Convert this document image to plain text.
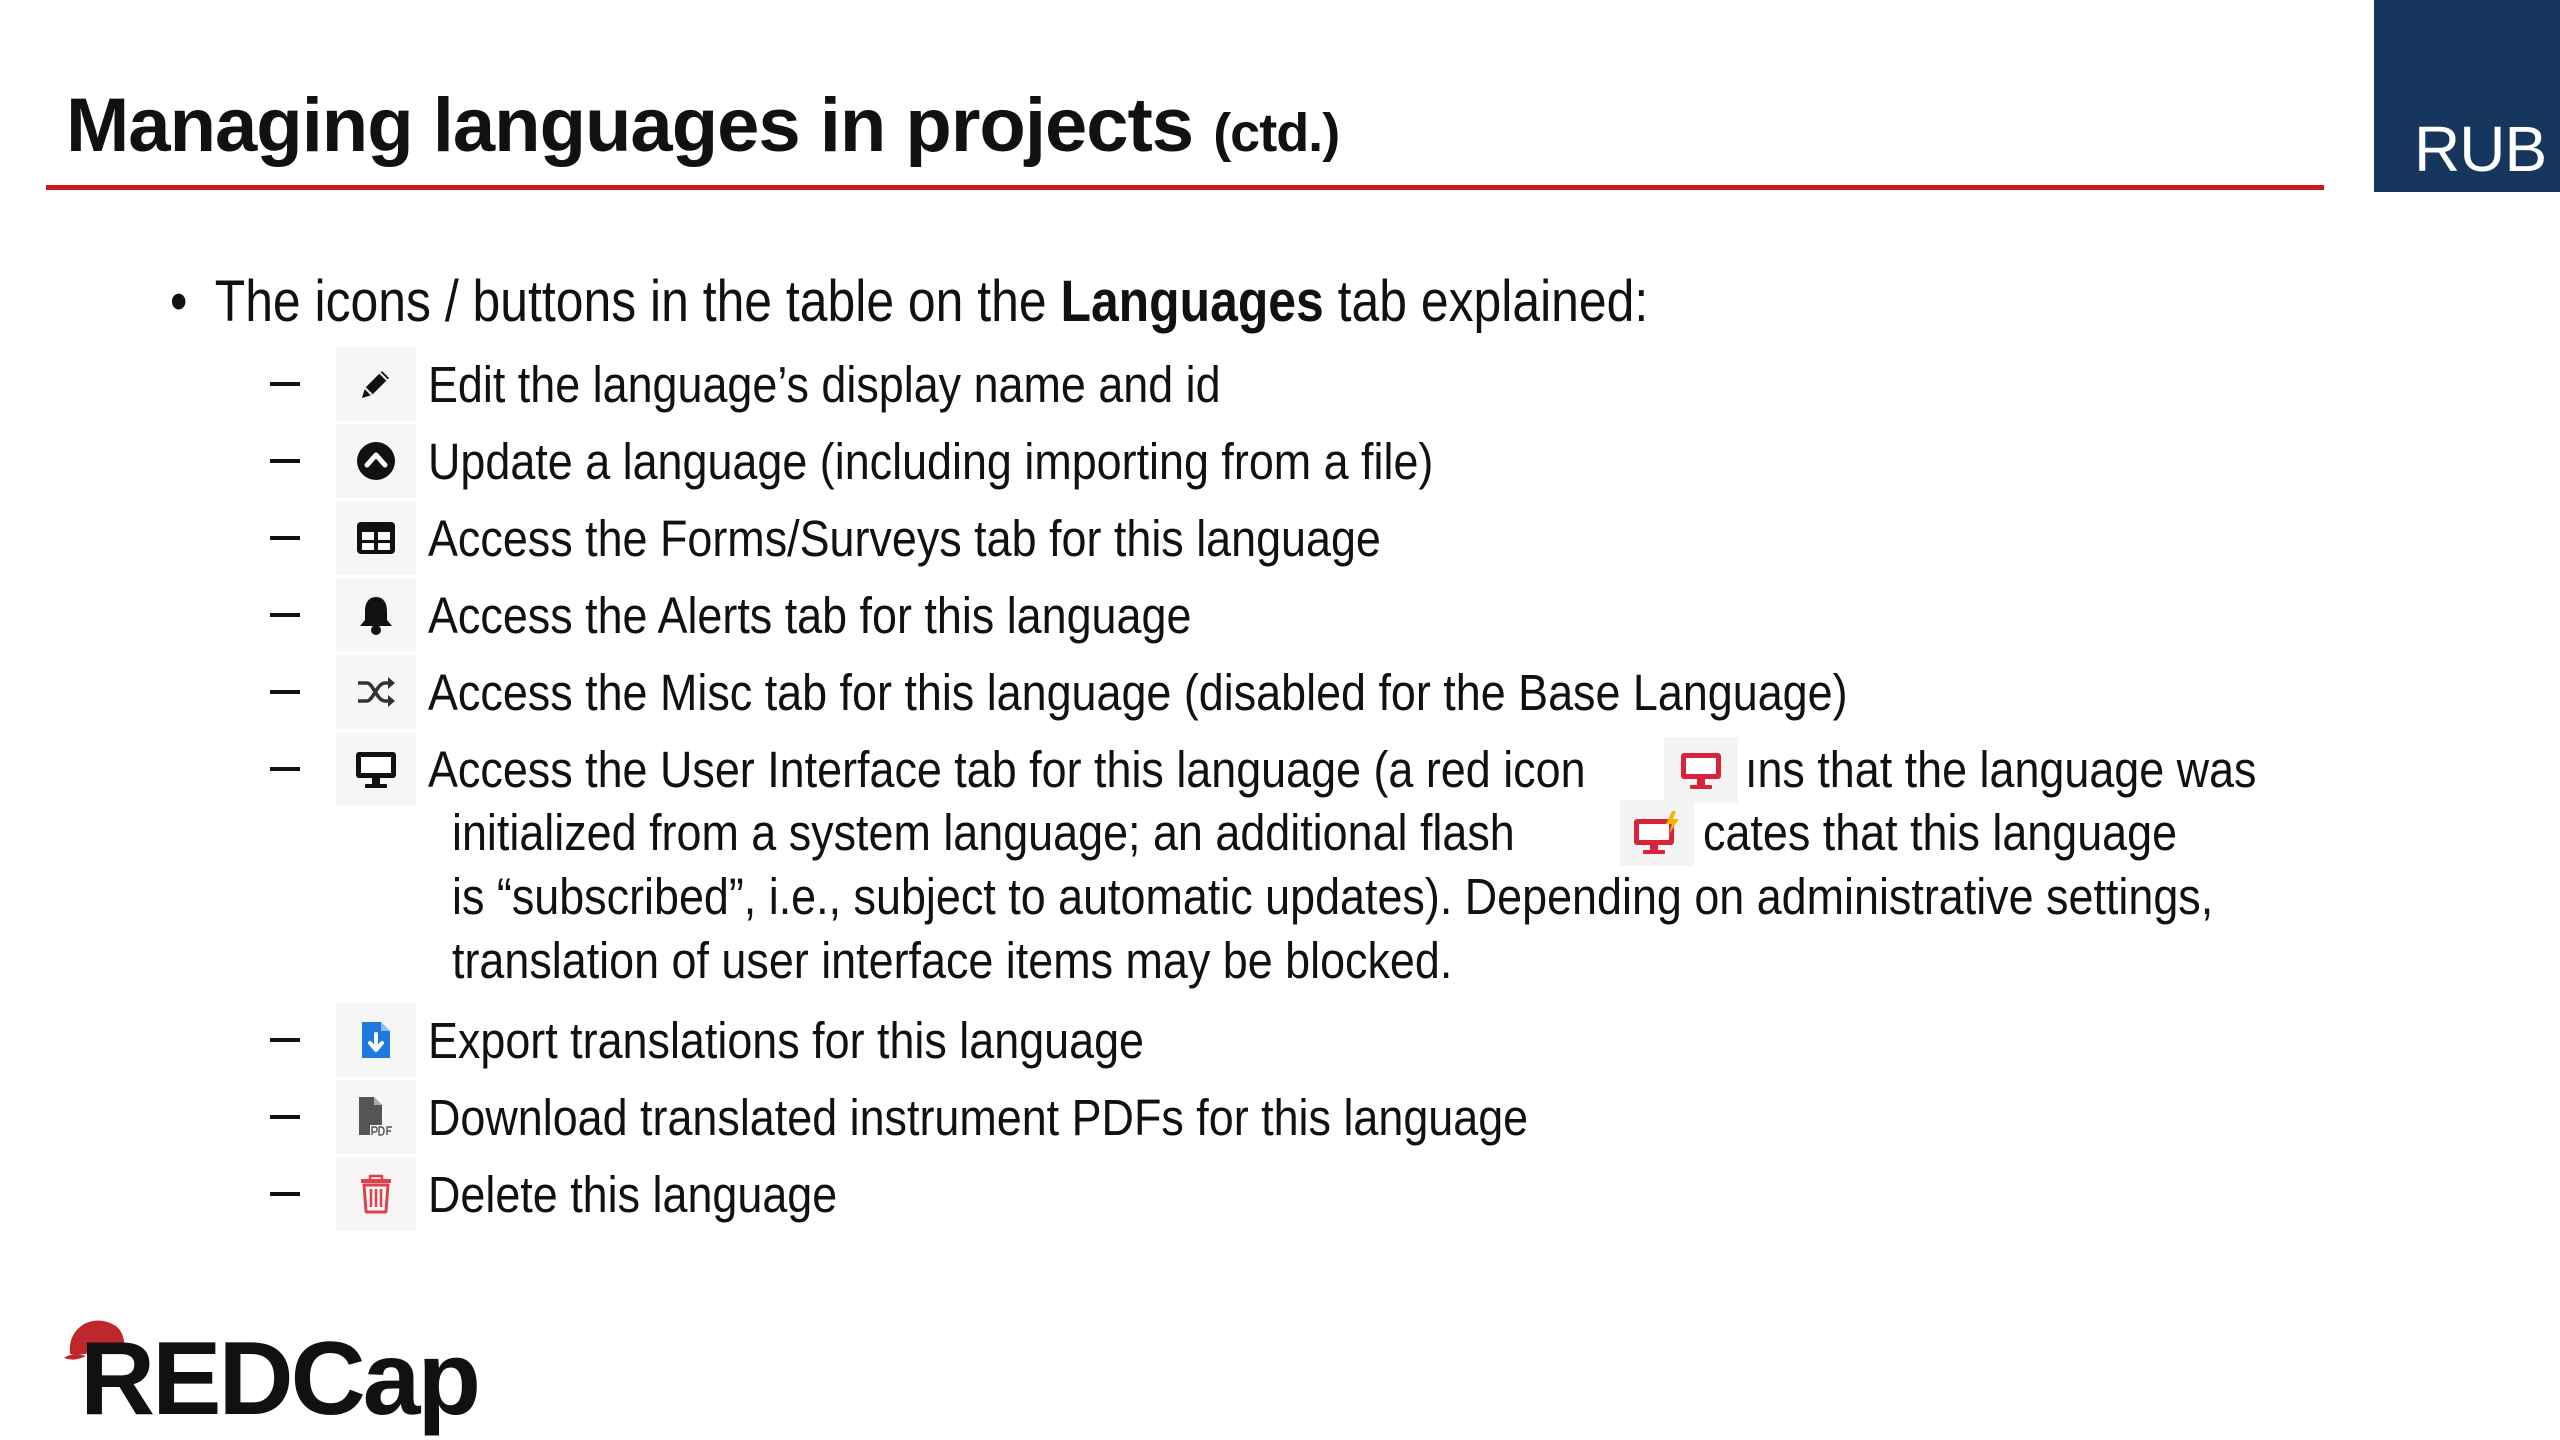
Managing languages in projects (ctd.)	RUB
• The icons / buttons in the table on the Languages tab explained:
Edit the language’s display name and id
Update a language (including importing from a file)
Access the Forms/Surveys tab for this language
Access the Alerts tab for this language
Access the Misc tab for this language (disabled for the Base Language)
Access the User Interface tab for this language (a red icon	ıns that the language was
initialized from a system language; an additional flash	cates that this language
is “subscribed”, i.e., subject to automatic updates). Depending on administrative settings,
translation of user interface items may be blocked.
Export translations for this language
Download translated instrument PDFs for this language
Delete this language
REDCap
